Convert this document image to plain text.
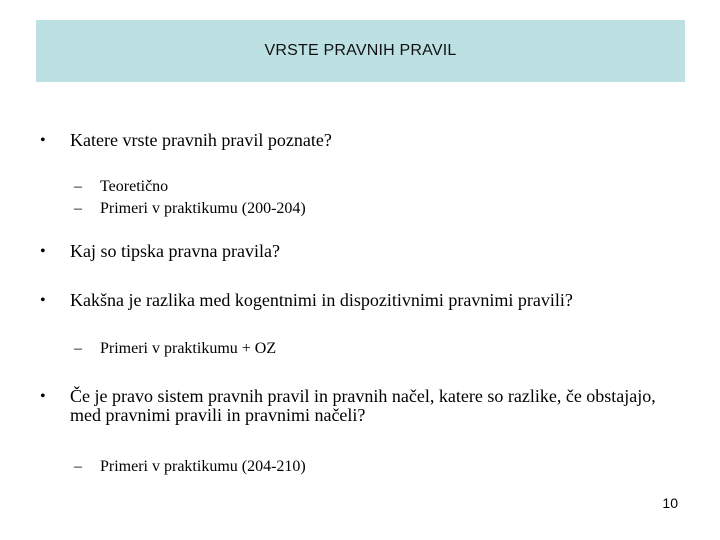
VRSTE PRAVNIH PRAVIL
•	Katere vrste pravnih pravil poznate?
–	Teoretično
–	Primeri v praktikumu (200-204)
•	Kaj so tipska pravna pravila?
•	Kakšna je razlika med kogentnimi in dispozitivnimi pravnimi pravili?
–	Primeri v praktikumu + OZ
•	Če je pravo sistem pravnih pravil in pravnih načel, katere so razlike, če obstajajo, med pravnimi pravili in pravnimi načeli?
–	Primeri v praktikumu (204-210)
10
